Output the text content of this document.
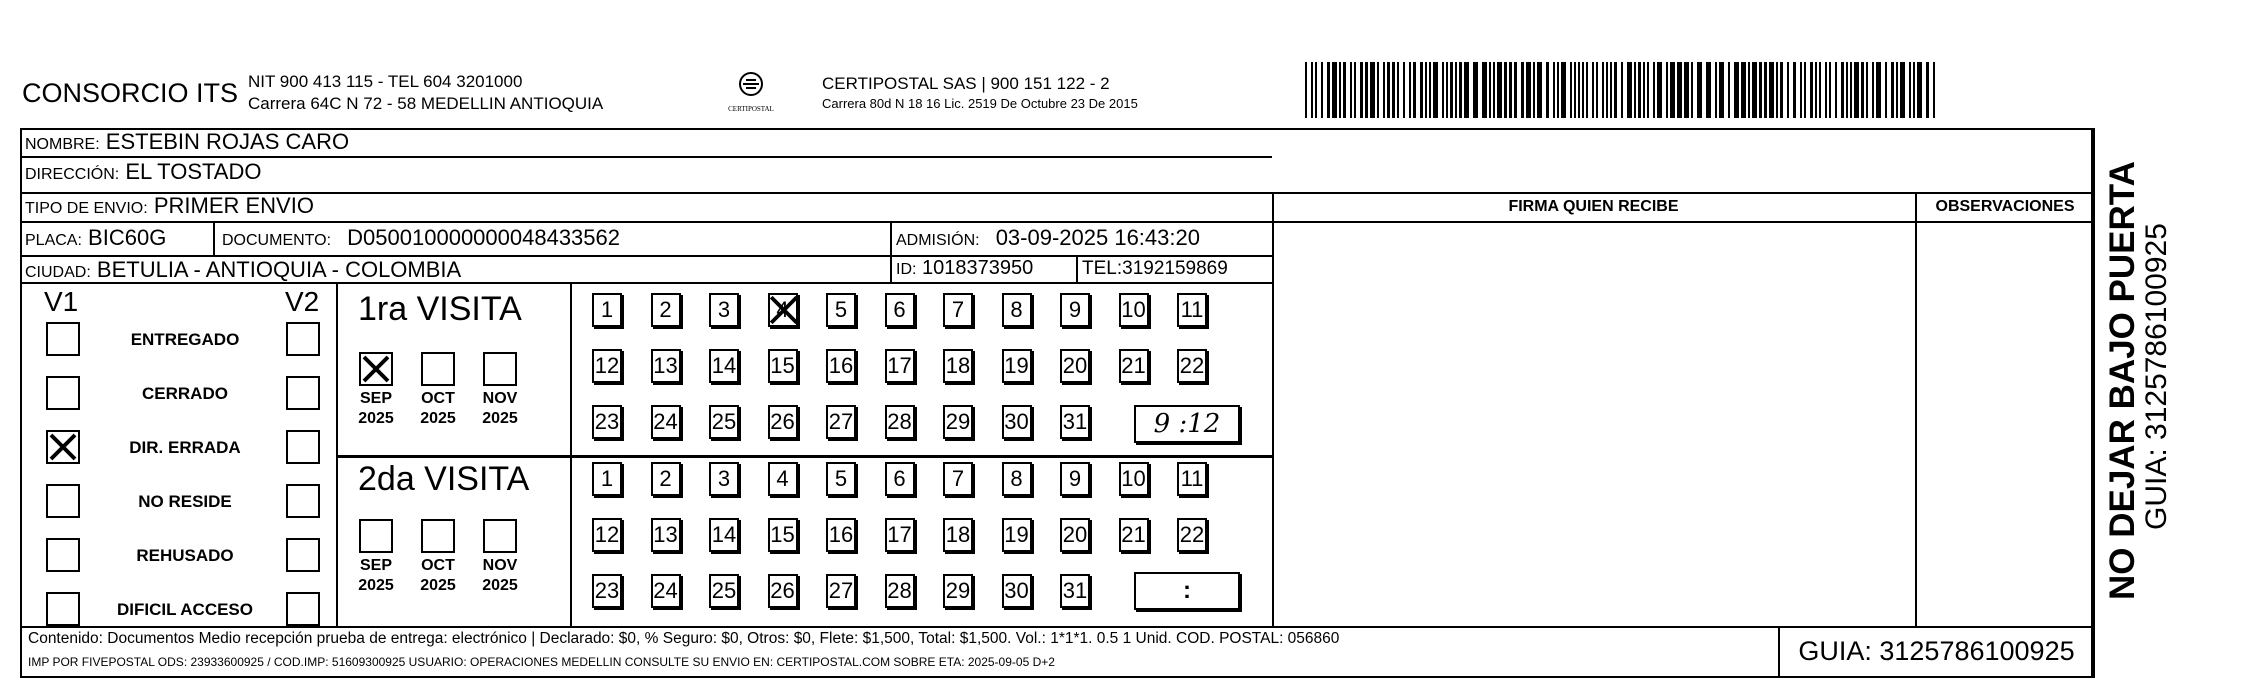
CONSORCIO ITS NIT 900 413 115 - TEL 604 3201000
Carrera 64C N 72 - 58 MEDELLIN ANTIOQUIA	CERTIPOSTAL
CERTIPOSTAL SAS | 900 151 122 - 2
Carrera 80d N 18 16 Lic. 2519 De Octubre 23 De 2015
FIRMA QUIEN RECIBE	OBSERVACIONES NO DEJAR BAJO PUERTA
GUIA: 3125786100925
NOMBRE: ESTEBIN ROJAS CARO
DIRECCIÓN: EL TOSTADO
TIPO DE ENVIO: PRIMER ENVIO
PLACA: BIC60G	DOCUMENTO: D050010000000048433562	ADMISIÓN: 03-09-2025 16:43:20
CIUDAD: BETULIA - ANTIOQUIA - COLOMBIA	ID: 1018373950	TEL:3192159869
V1	V2
ENTREGADO
CERRADO
DIR. ERRADA
NO RESIDE
REHUSADO
DIFICIL ACCESO
1ra VISITA
2da VISITA
SEP
2025
OCT
2025
NOV
2025
SEP
2025
OCT
2025
NOV
2025
1 2 3 4 5 6 7 8 9 10 11
12 13 14 15 16 17 18 19 20 21 22
23 24 25 26 27 28 29 30 31
1 2 3 4 5 6 7 8 9 10 11
12 13 14 15 16 17 18 19 20 21 22
23 24 25 26 27 28 29 30 31
9 :12
:
Contenido: Documentos Medio recepción prueba de entrega: electrónico | Declarado: $0, % Seguro: $0, Otros: $0, Flete: $1,500, Total: $1,500. Vol.: 1*1*1. 0.5 1 Unid. COD. POSTAL: 056860
IMP POR FIVEPOSTAL ODS: 23933600925 / COD.IMP: 51609300925 USUARIO: OPERACIONES MEDELLIN CONSULTE SU ENVIO EN: CERTIPOSTAL.COM SOBRE ETA: 2025-09-05 D+2	GUIA: 3125786100925
